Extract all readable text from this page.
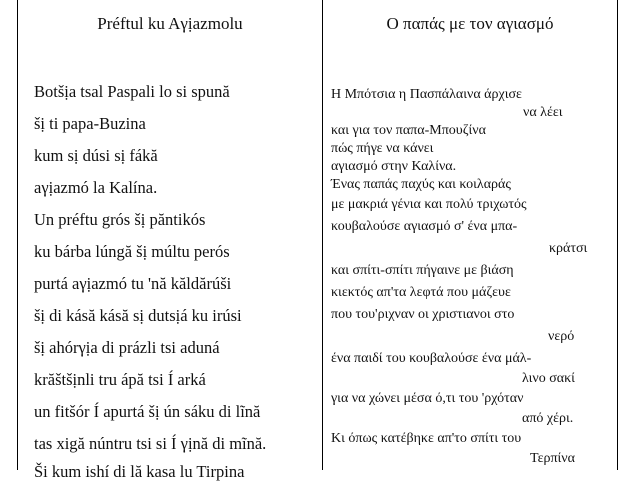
Préftul ku Aγịazmolu	Ο παπάς με τον αγιασμό
Botšịa tsal Paspali lo si spună
šị ti papa-Buzina
kum sị dúsi sị fákă
aγịazmó la Kalína.
Un préftu grós šị păntikós
ku bárba lúngă šị múltu perós
purtá aγịazmó tu 'nă kăldărúši
šị di kásă kásă sị dutsịá ku irúsi
šị ahórγịa di prázli tsi aduná
krăštšịnli tru ápă tsi Í arká
un fitšór Í apurtá šị ún sáku di lĩnă
tas xigă núntru tsi si Í γịnă di mĩnă.
Ši kum ishí di lă kasa lu Tirpina
Η Μπότσια η Πασπάλαινα άρχισε
να λέει
και για τον παπα-Μπουζίνα
πώς πήγε να κάνει
αγιασμό στην Καλίνα.
Ένας παπάς παχύς και κοιλαράς
με μακριά γένια και πολύ τριχωτός
κουβαλούσε αγιασμό σ' ένα μπα-
κράτσι
και σπίτι-σπίτι πήγαινε με βιάση
κιεκτός απ'τα λεφτά που μάζευε
που του'ριχναν οι χριστιανοι στο
νερό
ένα παιδί του κουβαλούσε ένα μάλ-
λινο σακί
για να χώνει μέσα ό,τι του 'ρχόταν
από χέρι.
Κι όπως κατέβηκε απ'το σπίτι του
Τερπίνα
